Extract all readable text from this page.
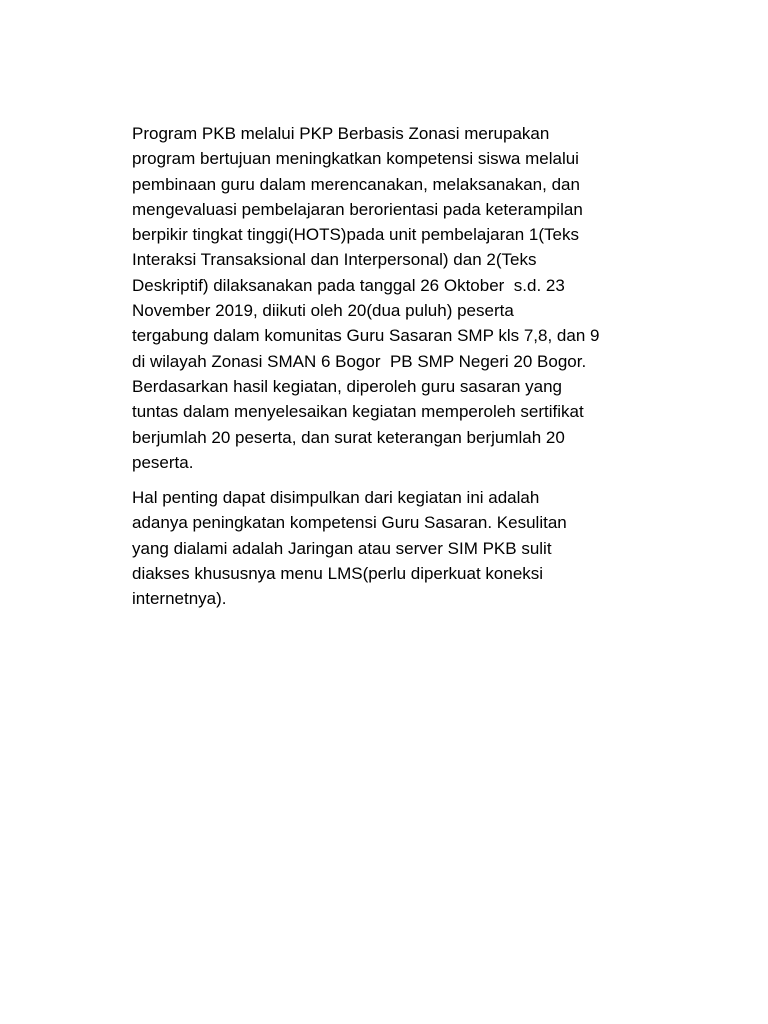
Program PKB melalui PKP Berbasis Zonasi merupakan
program bertujuan meningkatkan kompetensi siswa melalui
pembinaan guru dalam merencanakan, melaksanakan, dan
mengevaluasi pembelajaran berorientasi pada keterampilan
berpikir tingkat tinggi(HOTS)pada unit pembelajaran 1(Teks
Interaksi Transaksional dan Interpersonal) dan 2(Teks
Deskriptif) dilaksanakan pada tanggal 26 Oktober  s.d. 23
November 2019, diikuti oleh 20(dua puluh) peserta
tergabung dalam komunitas Guru Sasaran SMP kls 7,8, dan 9
di wilayah Zonasi SMAN 6 Bogor  PB SMP Negeri 20 Bogor.
Berdasarkan hasil kegiatan, diperoleh guru sasaran yang
tuntas dalam menyelesaikan kegiatan memperoleh sertifikat
berjumlah 20 peserta, dan surat keterangan berjumlah 20
peserta.

Hal penting dapat disimpulkan dari kegiatan ini adalah
adanya peningkatan kompetensi Guru Sasaran. Kesulitan
yang dialami adalah Jaringan atau server SIM PKB sulit
diakses khususnya menu LMS(perlu diperkuat koneksi
internetnya).
